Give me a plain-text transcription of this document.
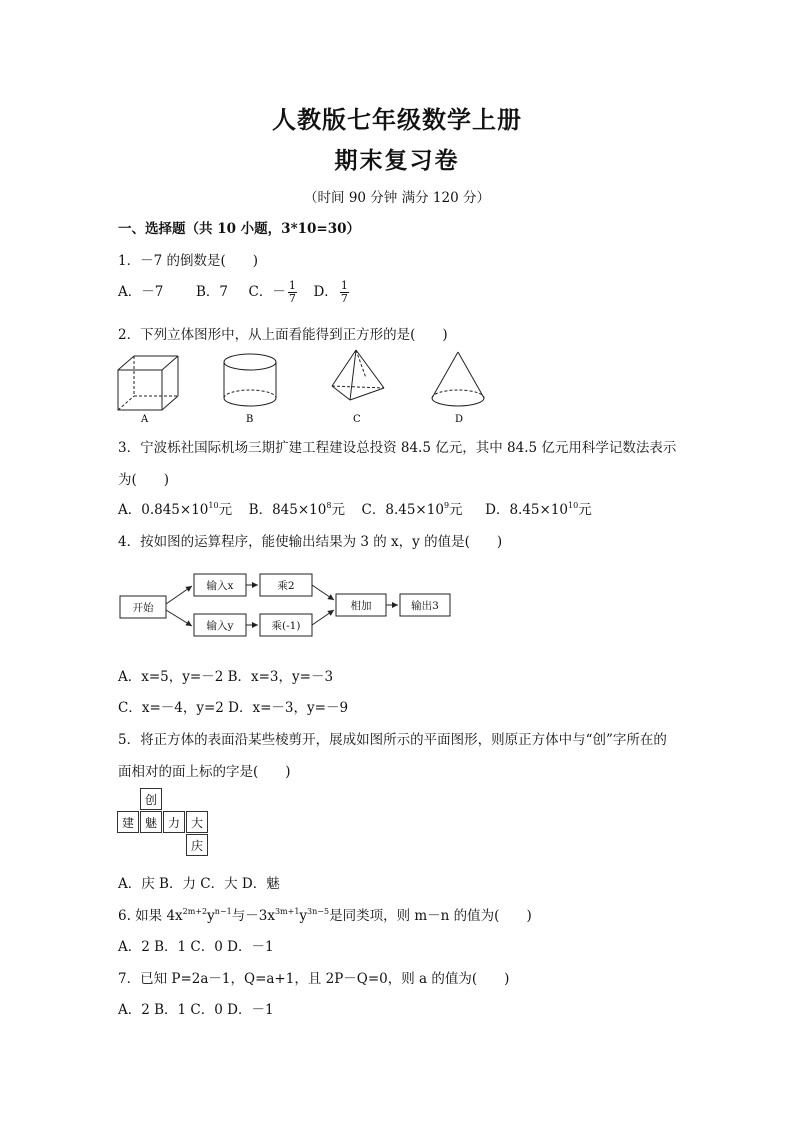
人教版七年级数学上册
期末复习卷
（时间 90 分钟 满分 120 分）
一、选择题（共 10 小题，3*10=30）
1．－7 的倒数是(　　)
A．－7 B．7 C．－ $\frac{1}{7}$ D． $\frac{1}{7}$
2．下列立体图形中，从上面看能得到正方形的是(　　)
A	B	C	D
3．宁波栎社国际机场三期扩建工程建设总投资 84.5 亿元，其中 84.5 亿元用科学记数法表示
为(　　)
A．$0.845\times 10^{10}$元 B．$845\times 10^8$元 C．$8.45\times 10^9$元 D．$8.45\times 10^{10}$元
4．按如图的运算程序，能使输出结果为 3 的 x，y 的值是(　　)
开始
输入x	乘2
输入y	乘(-1)
相加	输出3
A．x=5，y=－2 B．x=3，y=－3
C．x=－4，y=2 D．x=－3，y=－9
5．将正方体的表面沿某些棱剪开，展成如图所示的平面图形，则原正方体中与“创”字所在的
面相对的面上标的字是(　　)
创
建 魅 力 大
庆
A．庆 B．力 C．大 D．魅
6. 如果 $4x^{2m+2}y^{n-1}$与$-3x^{3m+1}y^{3n-5}$是同类项，则 m－n 的值为(　　)
A．2 B．1 C．0 D．－1
7．已知 P=2a－1，Q=a+1，且 2P－Q=0，则 a 的值为(　　)
A．2 B．1 C．0 D．－1
